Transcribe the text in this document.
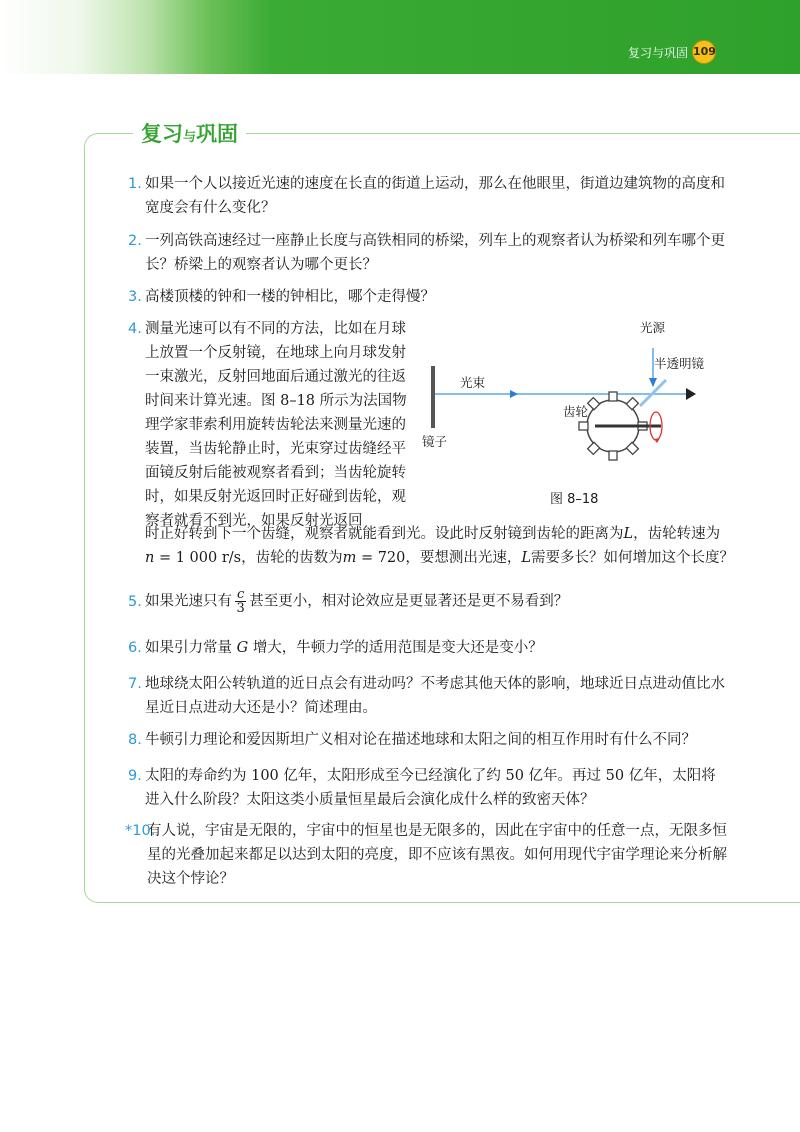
复习与巩固 109
复习与巩固
1. 如果一个人以接近光速的速度在长直的街道上运动，那么在他眼里，街道边建筑物的高度和宽度会有什么变化？
2. 一列高铁高速经过一座静止长度与高铁相同的桥梁，列车上的观察者认为桥梁和列车哪个更长？桥梁上的观察者认为哪个更长？
3. 高楼顶楼的钟和一楼的钟相比，哪个走得慢？
4. 测量光速可以有不同的方法，比如在月球上放置一个反射镜，在地球上向月球发射一束激光，反射回地面后通过激光的往返时间来计算光速。图 8–18 所示为法国物理学家菲索利用旋转齿轮法来测量光速的装置，当齿轮静止时，光束穿过齿缝经平面镜反射后能被观察者看到；当齿轮旋转时，如果反射光返回时正好碰到齿轮，观察者就看不到光，如果反射光返回
时正好转到下一个齿缝，观察者就能看到光。设此时反射镜到齿轮的距离为L，齿轮转速为
n = 1 000 r/s，齿轮的齿数为m = 720，要想测出光速，L需要多长？如何增加这个长度？
光源
半透明镜
光束
齿轮
镜子
图 8–18
5. 如果光速只有 $\frac{c}{3}$ 甚至更小，相对论效应是更显著还是更不易看到？
6. 如果引力常量 G 增大，牛顿力学的适用范围是变大还是变小？
7. 地球绕太阳公转轨道的近日点会有进动吗？不考虑其他天体的影响，地球近日点进动值比水星近日点进动大还是小？简述理由。
8. 牛顿引力理论和爱因斯坦广义相对论在描述地球和太阳之间的相互作用时有什么不同？
9. 太阳的寿命约为 100 亿年，太阳形成至今已经演化了约 50 亿年。再过 50 亿年，太阳将进入什么阶段？太阳这类小质量恒星最后会演化成什么样的致密天体？
*10.
有人说，宇宙是无限的，宇宙中的恒星也是无限多的，因此在宇宙中的任意一点，无限多恒星的光叠加起来都足以达到太阳的亮度，即不应该有黑夜。如何用现代宇宙学理论来分析解决这个悖论？
